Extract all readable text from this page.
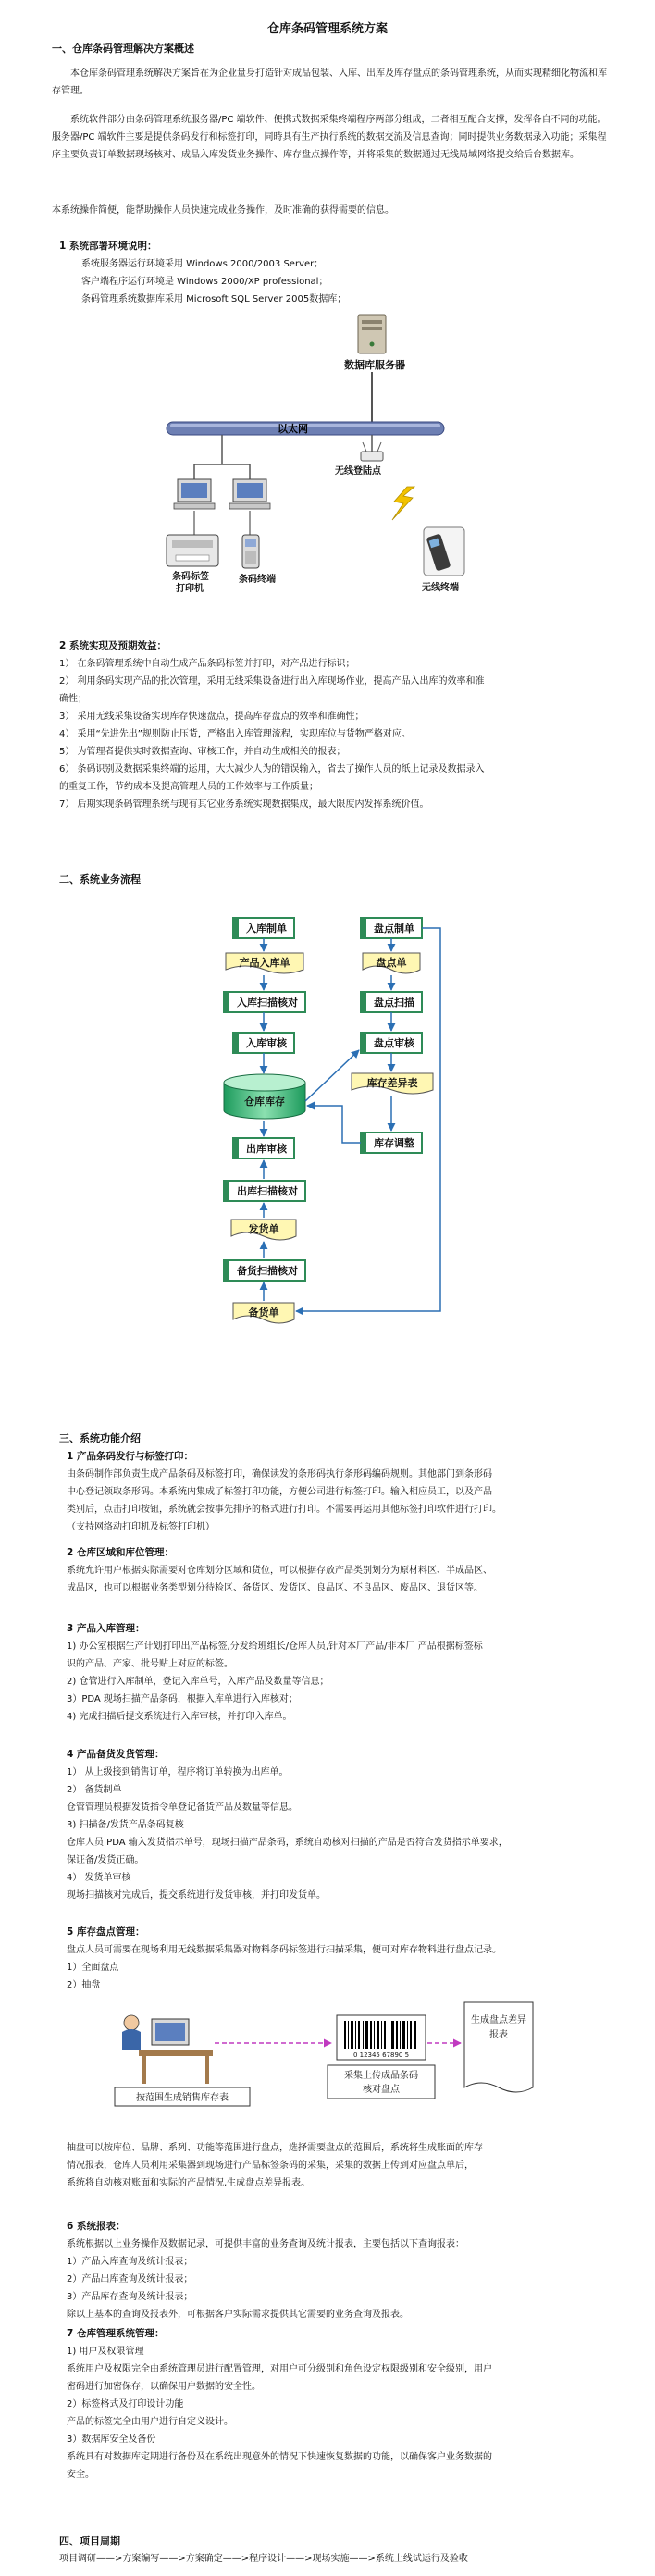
仓库条码管理系统方案
一、仓库条码管理解决方案概述
本仓库条码管理系统解决方案旨在为企业量身打造针对成品包装、入库、出库及库存盘点的条码管理系统，从而实现精细化物流和库存管理。
系统软件部分由条码管理系统服务器/PC 端软件、便携式数据采集终端程序两部分组成，二者相互配合支撑，发挥各自不同的功能。服务器/PC 端软件主要是提供条码发行和标签打印，同時具有生产执行系统的数据交流及信息查询；同时提供业务数据录入功能；采集程序主要负责订单数据现场核对、成品入库发货业务操作、库存盘点操作等，并将采集的数据通过无线局域网络提交给后台数据库。
本系统操作简便，能帮助操作人员快速完成业务操作，及时准确的获得需要的信息。
1 系统部署环境说明：
系统服务器运行环境采用 Windows 2000/2003 Server；
客户端程序运行环境是 Windows 2000/XP professional；
条码管理系统数据库采用 Microsoft SQL Server 2005数据库；
数据库服务器
以太网
无线登陆点
条码标签
打印机
条码终端
无线终端
2 系统实现及预期效益：
1） 在条码管理系统中自动生成产品条码标签并打印，对产品进行标识；
2） 利用条码实现产品的批次管理，采用无线采集设备进行出入库现场作业，提高产品入出库的效率和准
确性；
3） 采用无线采集设备实现库存快速盘点，提高库存盘点的效率和准确性；
4） 采用“先进先出”规则防止压货，严格出入库管理流程，实现库位与货物严格对应。
5） 为管理者提供实时数据查询、审核工作，并自动生成相关的报表；
6） 条码识别及数据采集终端的运用，大大减少人为的错误输入，省去了操作人员的纸上记录及数据录入
的重复工作，节约成本及提高管理人员的工作效率与工作质量；
7） 后期实现条码管理系统与现有其它业务系统实现数据集成，最大限度内发挥系统价值。
二、系统业务流程
入库制单
产品入库单
入库扫描核对
入库审核
仓库库存
出库审核
出库扫描核对
发货单
备货扫描核对
备货单
盘点制单
盘点单
盘点扫描
盘点审核
库存差异表
库存调整
三、系统功能介绍
1 产品条码发行与标签打印：
由条码制作部负责生成产品条码及标签打印，确保读发的条形码执行条形码编码规则。其他部门到条形码
中心登记领取条形码。本系统内集成了标签打印功能，方便公司进行标签打印。输入相应员工，以及产品
类别后，点击打印按钮，系统就会按事先排序的格式进行打印。不需要再运用其他标签打印软件进行打印。
（支持网络动打印机及标签打印机）
2 仓库区域和库位管理：
系统允许用户根据实际需要对仓库划分区域和货位，可以根据存放产品类别划分为原材料区、半成品区、
成品区，也可以根据业务类型划分待检区、备货区、发货区、良品区、不良品区、废品区、退货区等。
3 产品入库管理：
1) 办公室根据生产计划打印出产品标签,分发给班组长/仓库人员,针对本厂产品/非本厂 产品根据标签标
识的产品、产家、批号贴上对应的标签。
2) 仓管进行入库制单，登记入库单号，入库产品及数量等信息；
3）PDA 现场扫描产品条码，根据入库单进行入库核对；
4) 完成扫描后提交系统进行入库审核，并打印入库单。
4 产品备货发货管理：
1） 从上级接到销售订单，程序将订单转换为出库单。
2） 备货制单
仓管管理员根据发货指令单登记备货产品及数量等信息。
3) 扫描备/发货产品条码复核
仓库人员 PDA 输入发货指示单号，现场扫描产品条码，系统自动核对扫描的产品是否符合发货指示单要求，
保证备/发货正确。
4） 发货单审核
现场扫描核对完成后，提交系统进行发货审核，并打印发货单。
5 库存盘点管理：
盘点人员可需要在现场利用无线数据采集器对物料条码标签进行扫描采集，便可对库存物料进行盘点记录。
1）全面盘点
2）抽盘
按范围生成销售库存表
0 12345 67890 5
采集上传成品条码
核对盘点
生成盘点差异
报表
抽盘可以按库位、品牌、系列、功能等范围进行盘点，选择需要盘点的范围后，系统将生成账面的库存
情况报表，仓库人员利用采集器到现场进行产品标签条码的采集，采集的数据上传到对应盘点单后，
系统将自动核对账面和实际的产品情况,生成盘点差异报表。
6 系统报表：
系统根据以上业务操作及数据记录，可提供丰富的业务查询及统计报表，主要包括以下查询报表：
1）产品入库查询及统计报表；
2）产品出库查询及统计报表；
3）产品库存查询及统计报表；
除以上基本的查询及报表外，可根据客户实际需求提供其它需要的业务查询及报表。
7 仓库管理系统管理：
1) 用户及权限管理
系统用户及权限完全由系统管理员进行配置管理，对用户可分级别和角色设定权限级别和安全级别，用户
密码进行加密保存，以确保用户数据的安全性。
2）标签格式及打印设计功能
产品的标签完全由用户进行自定义设计。
3）数据库安全及备份
系统具有对数据库定期进行备份及在系统出现意外的情况下快速恢复数据的功能，以确保客户业务数据的
安全。
四、项目周期
项目调研——>方案编写——>方案确定——>程序设计——>现场实施——>系统上线试运行及验收
